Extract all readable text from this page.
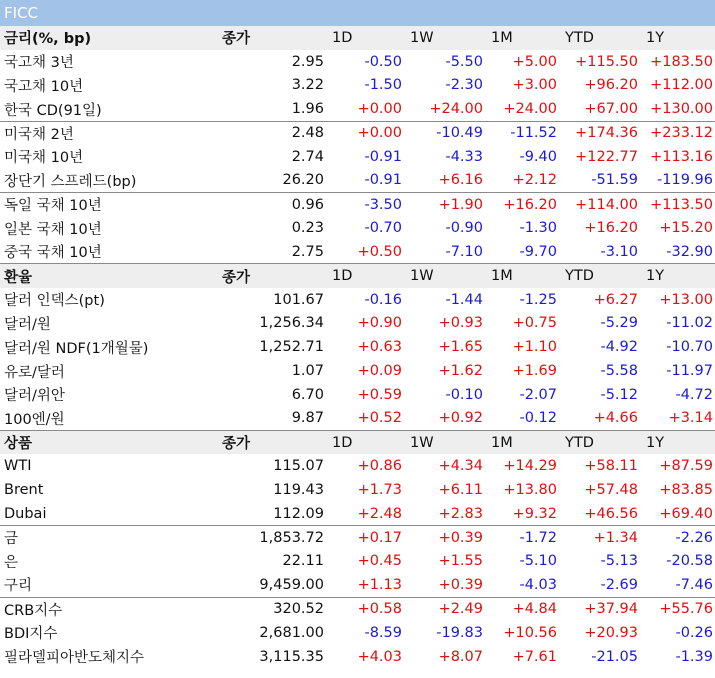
FICC
금리(%, bp)	종가	1D	1W	1M	YTD	1Y
국고채 3년	2.95	-0.50	-5.50	+5.00	+115.50	+183.50
국고채 10년	3.22	-1.50	-2.30	+3.00	+96.20	+112.00
한국 CD(91일)	1.96	+0.00	+24.00	+24.00	+67.00	+130.00
미국채 2년	2.48	+0.00	-10.49	-11.52	+174.36	+233.12
미국채 10년	2.74	-0.91	-4.33	-9.40	+122.77	+113.16
장단기 스프레드(bp)	26.20	-0.91	+6.16	+2.12	-51.59	-119.96
독일 국채 10년	0.96	-3.50	+1.90	+16.20	+114.00	+113.50
일본 국채 10년	0.23	-0.70	-0.90	-1.30	+16.20	+15.20
중국 국채 10년	2.75	+0.50	-7.10	-9.70	-3.10	-32.90
환율	종가	1D	1W	1M	YTD	1Y
달러 인덱스(pt)	101.67	-0.16	-1.44	-1.25	+6.27	+13.00
달러/원	1,256.34	+0.90	+0.93	+0.75	-5.29	-11.02
달러/원 NDF(1개월물)	1,252.71	+0.63	+1.65	+1.10	-4.92	-10.70
유로/달러	1.07	+0.09	+1.62	+1.69	-5.58	-11.97
달러/위안	6.70	+0.59	-0.10	-2.07	-5.12	-4.72
100엔/원	9.87	+0.52	+0.92	-0.12	+4.66	+3.14
상품	종가	1D	1W	1M	YTD	1Y
WTI	115.07	+0.86	+4.34	+14.29	+58.11	+87.59
Brent	119.43	+1.73	+6.11	+13.80	+57.48	+83.85
Dubai	112.09	+2.48	+2.83	+9.32	+46.56	+69.40
금	1,853.72	+0.17	+0.39	-1.72	+1.34	-2.26
은	22.11	+0.45	+1.55	-5.10	-5.13	-20.58
구리	9,459.00	+1.13	+0.39	-4.03	-2.69	-7.46
CRB지수	320.52	+0.58	+2.49	+4.84	+37.94	+55.76
BDI지수	2,681.00	-8.59	-19.83	+10.56	+20.93	-0.26
필라델피아반도체지수	3,115.35	+4.03	+8.07	+7.61	-21.05	-1.39
